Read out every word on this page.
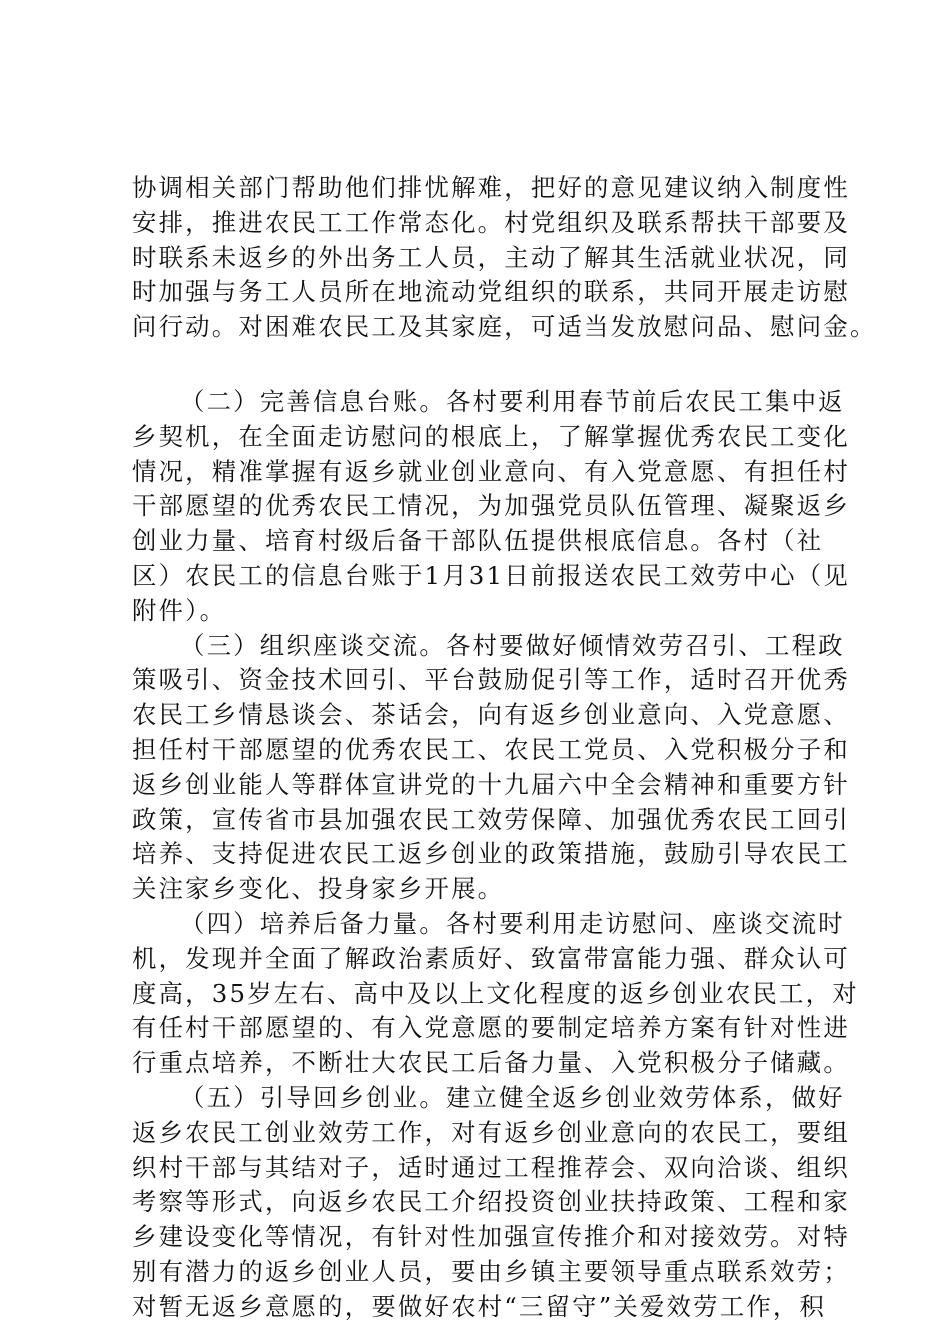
协调相关部门帮助他们排忧解难，把好的意见建议纳入制度性
安排，推进农民工工作常态化。村党组织及联系帮扶干部要及
时联系未返乡的外出务工人员，主动了解其生活就业状况，同
时加强与务工人员所在地流动党组织的联系，共同开展走访慰
问行动。对困难农民工及其家庭，可适当发放慰问品、慰问金。
（二）完善信息台账。各村要利用春节前后农民工集中返
乡契机，在全面走访慰问的根底上，了解掌握优秀农民工变化
情况，精准掌握有返乡就业创业意向、有入党意愿、有担任村
干部愿望的优秀农民工情况，为加强党员队伍管理、凝聚返乡
创业力量、培育村级后备干部队伍提供根底信息。各村（社
区）农民工的信息台账于1月31日前报送农民工效劳中心（见
附件）。
（三）组织座谈交流。各村要做好倾情效劳召引、工程政
策吸引、资金技术回引、平台鼓励促引等工作，适时召开优秀
农民工乡情恳谈会、茶话会，向有返乡创业意向、入党意愿、
担任村干部愿望的优秀农民工、农民工党员、入党积极分子和
返乡创业能人等群体宣讲党的十九届六中全会精神和重要方针
政策，宣传省市县加强农民工效劳保障、加强优秀农民工回引
培养、支持促进农民工返乡创业的政策措施，鼓励引导农民工
关注家乡变化、投身家乡开展。
（四）培养后备力量。各村要利用走访慰问、座谈交流时
机，发现并全面了解政治素质好、致富带富能力强、群众认可
度高，35岁左右、高中及以上文化程度的返乡创业农民工，对
有任村干部愿望的、有入党意愿的要制定培养方案有针对性进
行重点培养，不断壮大农民工后备力量、入党积极分子储藏。
（五）引导回乡创业。建立健全返乡创业效劳体系，做好
返乡农民工创业效劳工作，对有返乡创业意向的农民工，要组
织村干部与其结对子，适时通过工程推荐会、双向洽谈、组织
考察等形式，向返乡农民工介绍投资创业扶持政策、工程和家
乡建设变化等情况，有针对性加强宣传推介和对接效劳。对特
别有潜力的返乡创业人员，要由乡镇主要领导重点联系效劳；
对暂无返乡意愿的，要做好农村“三留守”关爱效劳工作，积
